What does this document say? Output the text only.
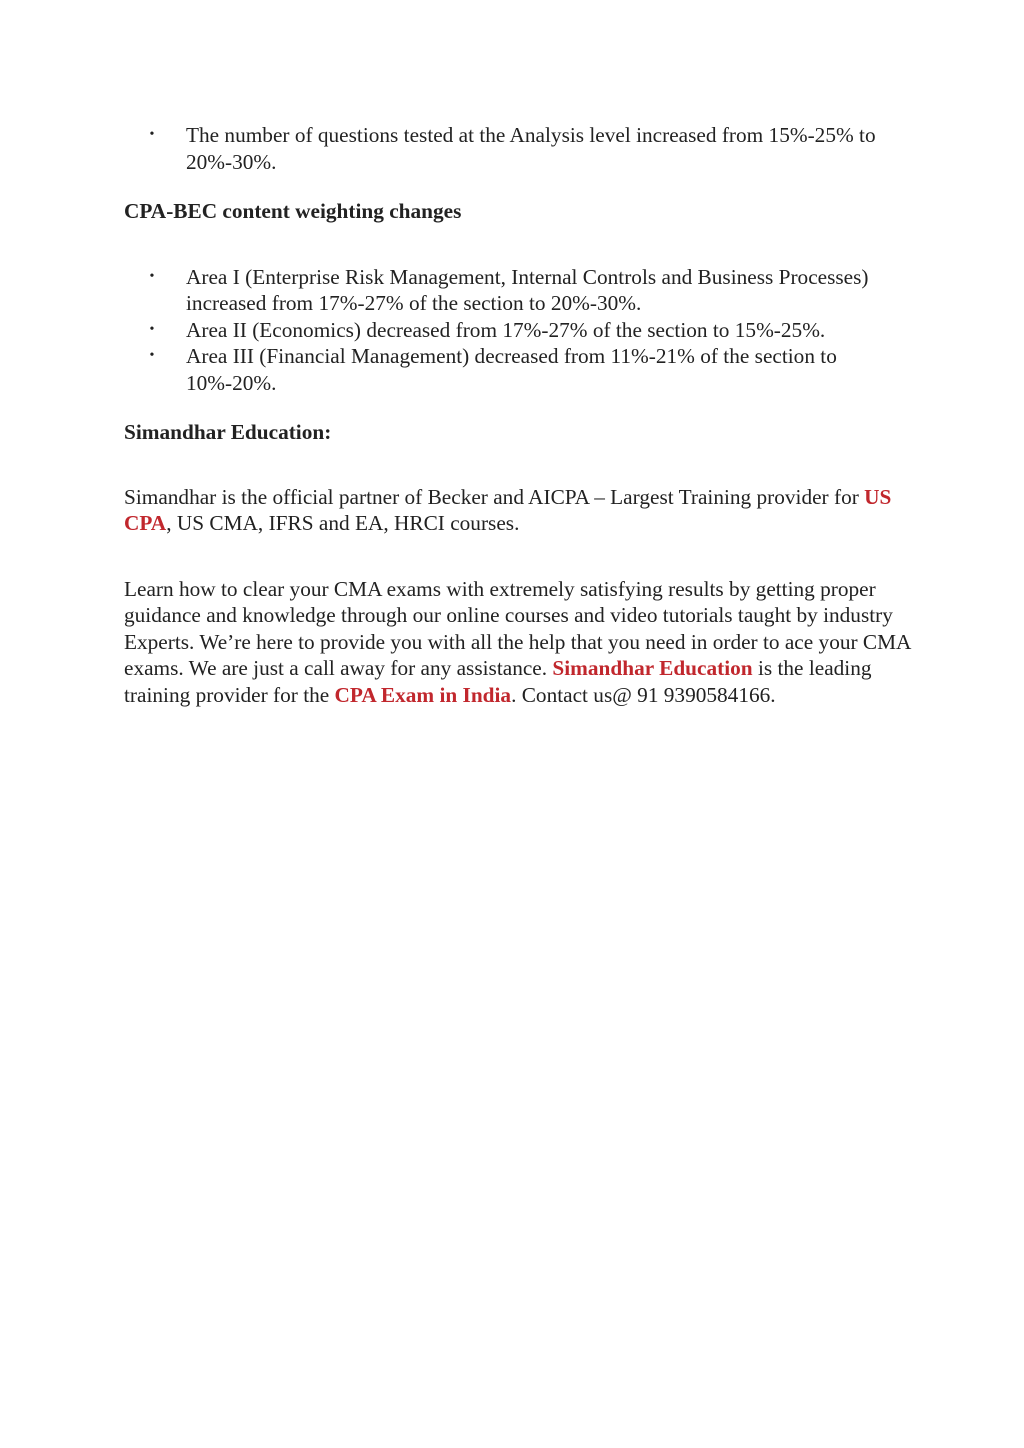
•	The number of questions tested at the Analysis level increased from 15%-25% to 20%-30%.

CPA-BEC content weighting changes

•	Area I (Enterprise Risk Management, Internal Controls and Business Processes) increased from 17%-27% of the section to 20%-30%.
•	Area II (Economics) decreased from 17%-27% of the section to 15%-25%.
•	Area III (Financial Management) decreased from 11%-21% of the section to 10%-20%.

Simandhar Education:

Simandhar is the official partner of Becker and AICPA – Largest Training provider for US CPA, US CMA, IFRS and EA, HRCI courses.

Learn how to clear your CMA exams with extremely satisfying results by getting proper guidance and knowledge through our online courses and video tutorials taught by industry Experts. We’re here to provide you with all the help that you need in order to ace your CMA exams. We are just a call away for any assistance. Simandhar Education is the leading training provider for the CPA Exam in India. Contact us@ 91 9390584166.
